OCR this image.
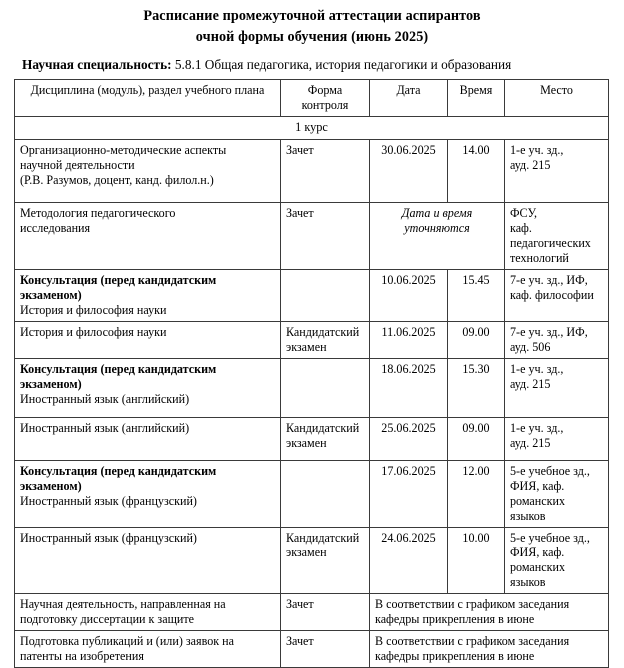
Расписание промежуточной аттестации аспирантов
очной формы обучения (июнь 2025)
Научная специальность: 5.8.1 Общая педагогика, история педагогики и образования
Дисциплина (модуль), раздел учебного плана	Форма контроля	Дата	Время	Место
1 курс				

Организационно-методические аспекты
научной деятельности
(Р.В. Разумов, доцент, канд. филол.н.)	Зачет	30.06.2025	14.00	1-е уч. зд.,
ауд. 215

Методология педагогического
исследования	Зачет	Дата и время уточняются		ФСУ,
каф.
педагогических
технологий

Консультация (перед кандидатским
экзаменом)
История и философия науки		10.06.2025	15.45	7-е уч. зд., ИФ,
каф. философии

История и философия науки	Кандидатский экзамен	11.06.2025	09.00	7-е уч. зд., ИФ,
ауд. 506

Консультация (перед кандидатским
экзаменом)
Иностранный язык (английский)		18.06.2025	15.30	1-е уч. зд.,
ауд. 215

Иностранный язык (английский)	Кандидатский экзамен	25.06.2025	09.00	1-е уч. зд.,
ауд. 215

Консультация (перед кандидатским
экзаменом)
Иностранный язык (французский)		17.06.2025	12.00	5-е учебное зд.,
ФИЯ, каф.
романских
языков

Иностранный язык (французский)	Кандидатский экзамен	24.06.2025	10.00	5-е учебное зд.,
ФИЯ, каф.
романских
языков

Научная деятельность, направленная на
подготовку диссертации к защите	Зачет	В соответствии с графиком заседания
кафедры прикрепления в июне		

Подготовка публикаций и (или) заявок на
патенты на изобретения	Зачет	В соответствии с графиком заседания
кафедры прикрепления в июне		
